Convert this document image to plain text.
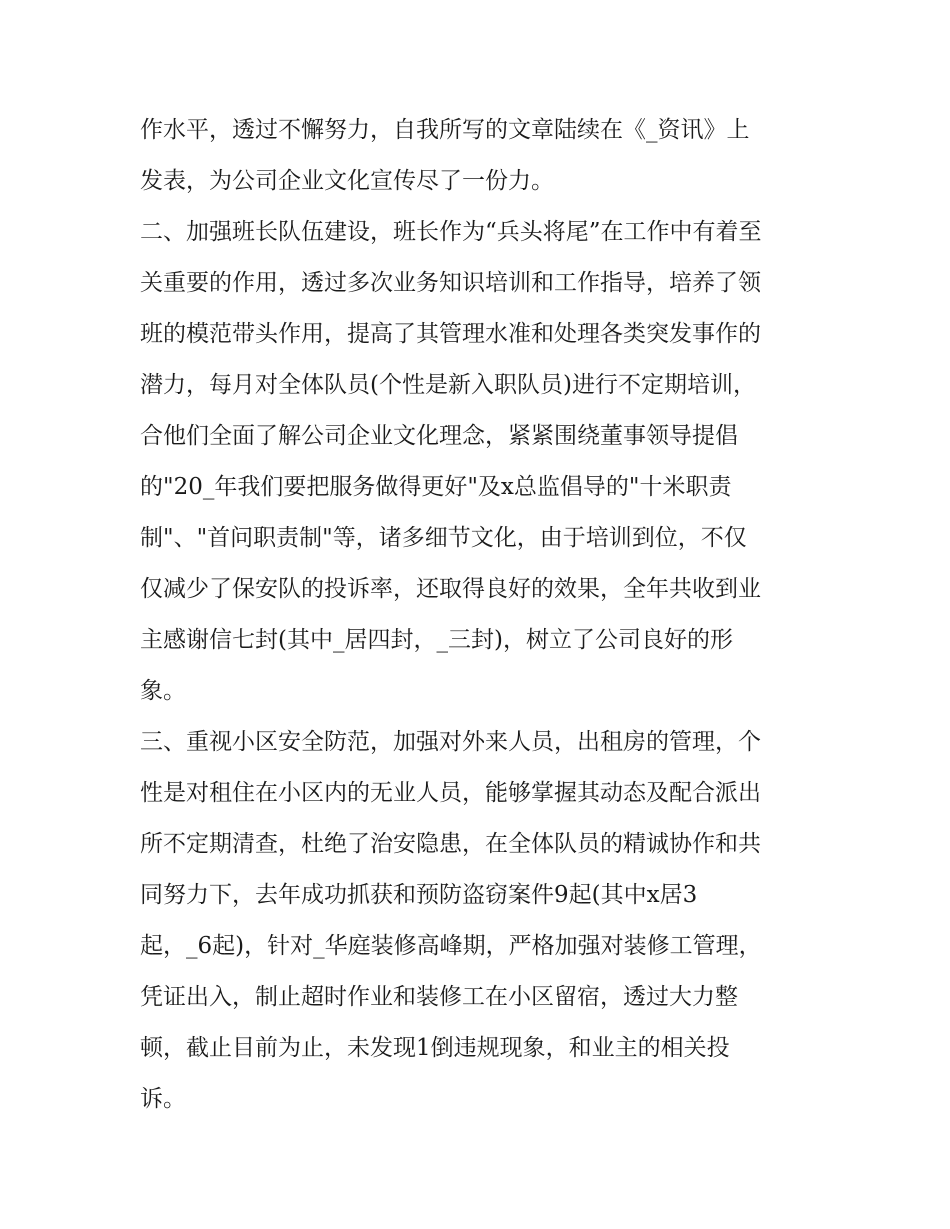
作水平，透过不懈努力，自我所写的文章陆续在《_资讯》上
发表，为公司企业文化宣传尽了一份力。
二、加强班长队伍建设，班长作为“兵头将尾”在工作中有着至
关重要的作用，透过多次业务知识培训和工作指导，培养了领
班的模范带头作用，提高了其管理水准和处理各类突发事作的
潜力，每月对全体队员(个性是新入职队员)进行不定期培训，
合他们全面了解公司企业文化理念，紧紧围绕董事领导提倡
的"20_年我们要把服务做得更好"及x总监倡导的"十米职责
制"、"首问职责制"等，诸多细节文化，由于培训到位，不仅
仅减少了保安队的投诉率，还取得良好的效果，全年共收到业
主感谢信七封(其中_居四封，_三封)，树立了公司良好的形
象。
三、重视小区安全防范，加强对外来人员，出租房的管理，个
性是对租住在小区内的无业人员，能够掌握其动态及配合派出
所不定期清查，杜绝了治安隐患，在全体队员的精诚协作和共
同努力下，去年成功抓获和预防盗窃案件9起(其中x居3
起，_6起)，针对_华庭装修高峰期，严格加强对装修工管理，
凭证出入，制止超时作业和装修工在小区留宿，透过大力整
顿，截止目前为止，未发现1倒违规现象，和业主的相关投
诉。
